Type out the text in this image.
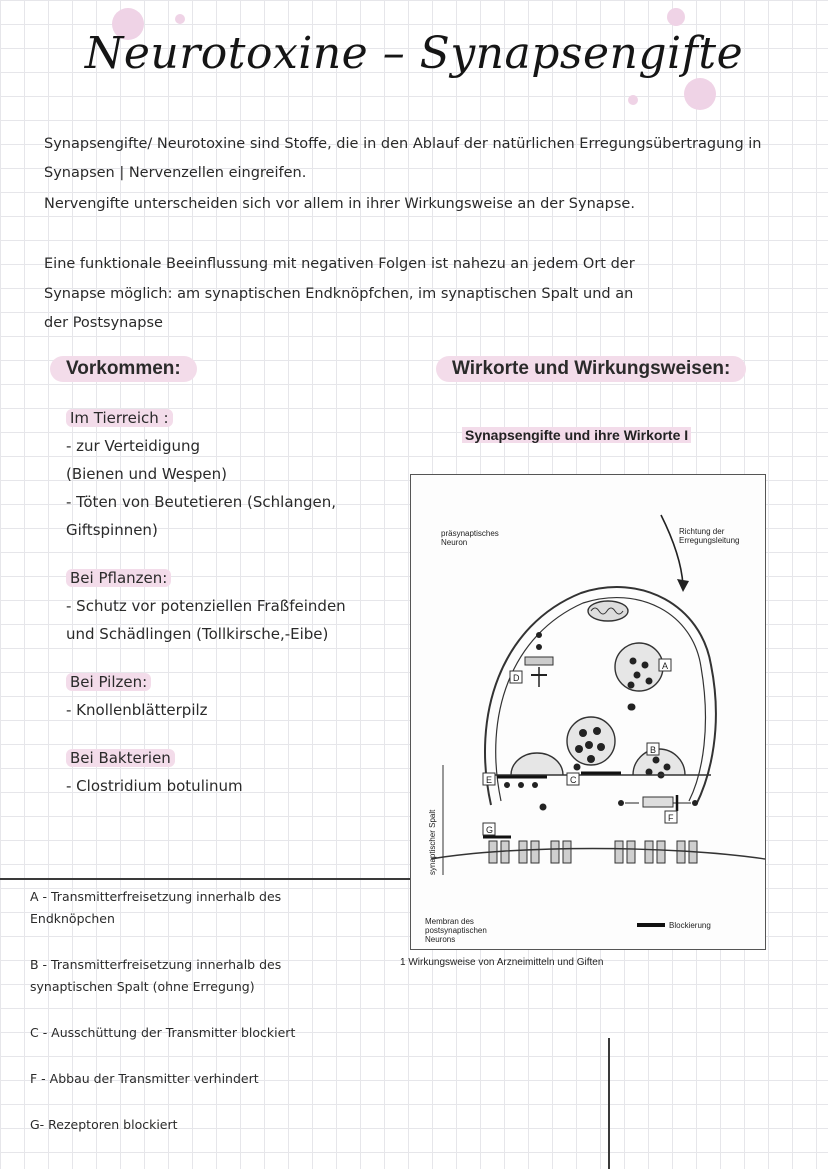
Neurotoxine – Synapsengifte
Synapsengifte/ Neurotoxine sind Stoffe, die in den Ablauf der natürlichen Erregungsübertragung in
Synapsen | Nervenzellen eingreifen.
Nervengifte unterscheiden sich vor allem in ihrer Wirkungsweise an der Synapse.
Eine funktionale Beeinflussung mit negativen Folgen ist nahezu an jedem Ort der
Synapse möglich: am synaptischen Endknöpfchen, im synaptischen Spalt und an
der Postsynapse
Vorkommen:	Wirkorte und Wirkungsweisen:
Im Tierreich :
- zur Verteidigung
(Bienen und Wespen)
- Töten von Beutetieren (Schlangen,
Giftspinnen)
Bei Pflanzen:
- Schutz vor potenziellen Fraßfeinden
und Schädlingen (Tollkirsche,-Eibe)
Bei Pilzen:
- Knollenblätterpilz
Bei Bakterien
- Clostridium botulinum
A - Transmitterfreisetzung innerhalb des
Endknöpchen
B - Transmitterfreisetzung innerhalb des
synaptischen Spalt (ohne Erregung)
C - Ausschüttung der Transmitter blockiert
F - Abbau der Transmitter verhindert
G- Rezeptoren blockiert
Synapsengifte und ihre Wirkorte I
präsynaptisches
Neuron
Richtung der
Erregungsleitung
A
D
B
E	C
F
synaptischer Spalt	G
Membran des
postsynaptischen
Neurons
Blockierung
1 Wirkungsweise von Arzneimitteln und Giften
